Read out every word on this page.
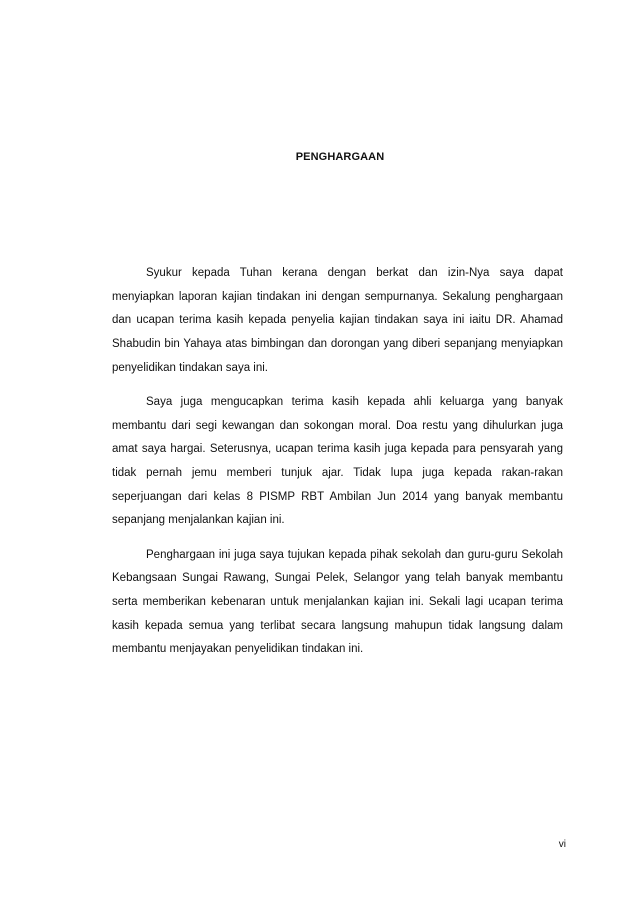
PENGHARGAAN

Syukur kepada Tuhan kerana dengan berkat dan izin-Nya saya dapat menyiapkan laporan kajian tindakan ini dengan sempurnanya. Sekalung penghargaan dan ucapan terima kasih kepada penyelia kajian tindakan saya ini iaitu DR. Ahamad Shabudin bin Yahaya atas bimbingan dan dorongan yang diberi sepanjang menyiapkan penyelidikan tindakan saya ini.

Saya juga mengucapkan terima kasih kepada ahli keluarga yang banyak membantu dari segi kewangan dan sokongan moral. Doa restu yang dihulurkan juga amat saya hargai. Seterusnya, ucapan terima kasih juga kepada para pensyarah yang tidak pernah jemu memberi tunjuk ajar. Tidak lupa juga kepada rakan-rakan seperjuangan dari kelas 8 PISMP RBT Ambilan Jun 2014 yang banyak membantu sepanjang menjalankan kajian ini.

Penghargaan ini juga saya tujukan kepada pihak sekolah dan guru-guru Sekolah Kebangsaan Sungai Rawang, Sungai Pelek, Selangor yang telah banyak membantu serta memberikan kebenaran untuk menjalankan kajian ini. Sekali lagi ucapan terima kasih kepada semua yang terlibat secara langsung mahupun tidak langsung dalam membantu menjayakan penyelidikan tindakan ini.

vi
